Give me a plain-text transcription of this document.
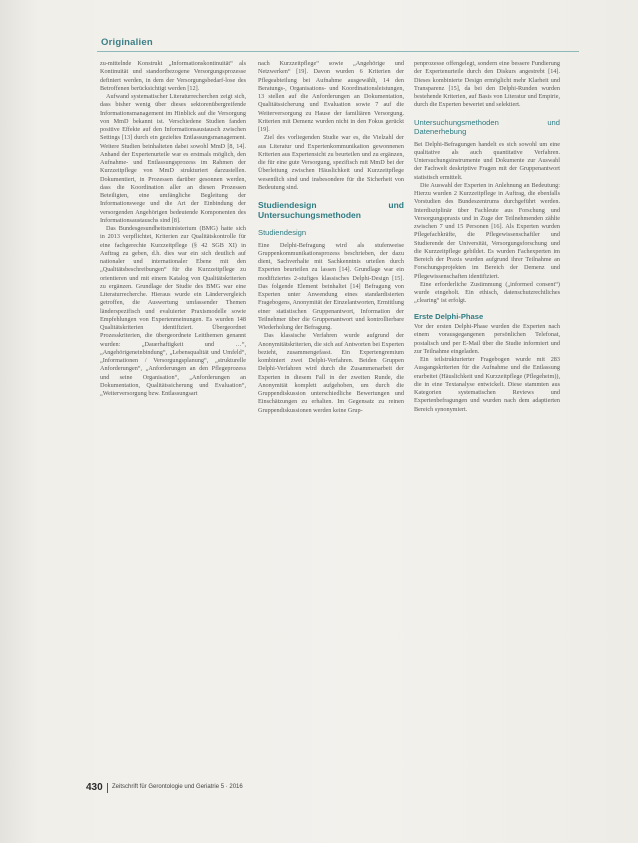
Originalien

zu-mittelnde Konstrukt „Informationskontinuität“ als Kontinuität und standortbezogene Versorgungsprozesse definiert werden, in dem der Versorgungsbedarf-lose des Betroffenen berücksichtigt werden [12].

Aufwand systematischer Literaturrecherchen zeigt sich, dass bisher wenig über dieses sektorenübergreifende Informationsmanagement im Hinblick auf die Versorgung von MmD bekannt ist. Verschiedene Studien fanden positive Effekte auf den Informationsaustausch zwischen Settings [13] durch ein gezieltes Entlassungsmanagement. Weitere Studien beinhalteten dabei sowohl MmD [8, 14]. Anhand der Expertenurteile war es erstmals möglich, den Aufnahme- und Entlassungsprozess im Rahmen der Kurzzeitpflege von MmD strukturiert darzustellen. Dokumentiert, in Prozessen darüber gesonnen werden, dass die Koordination aller an diesen Prozessen Beteiligten, eine umfängliche Begleitung der Informationswege und die Art der Einbindung der versorgenden Angehörigen bedeutende Komponenten des Informationsaustauschs sind [8].

Das Bundesgesundheitsministerium (BMG) hatte sich in 2013 verpflichtet, Kriterien zur Qualitätskontrolle für eine fachgerechte Kurzzeitpflege (§ 42 SGB XI) in Auftrag zu geben, d.h. dies war ein sich deutlich auf nationaler und internationaler Ebene mit den „Qualitätsbeschreibungen“ für die Kurzzeitpflege zu orientieren und mit einem Katalog von Qualitätskriterien zu ergänzen. Grundlage der Studie des BMG war eine Literaturrecherche. Hieraus wurde ein Ländervergleich getroffen, die Auswertung umfassender Themen länderspezifisch und evaluierter Praxismodelle sowie Empfehlungen von Expertenmeinungen. Es wurden 148 Qualitätskriterien identifiziert. Übergeordnet Prozesskriterien, die übergeordnete Leitthemen genannt wurden: „Dauerhaftigkeit und …“, „Angehörigeneinbindung“, „Lebensqualität und Umfeld“, „Informationen / Versorgungsplanung“, „strukturelle Anforderungen“, „Anforderungen an den Pflegeprozess und seine Organisation“, „Anforderungen an Dokumentation, Qualitätssicherung und Evaluation“, „Weiterversorgung bzw. Entlassungsart

nach Kurzzeitpflege“ sowie „Angehörige und Netzwerken“ [19]. Davon wurden 6 Kriterien der Pflegeabteilung bei Aufnahme ausgewählt, 14 den Beratungs-, Organisations- und Koordinationsleistungen, 13 stellen auf die Anforderungen an Dokumentation, Qualitätssicherung und Evaluation sowie 7 auf die Weiterversorgung zu Hause der familiären Versorgung. Kriterien mit Demenz wurden nicht in den Fokus gerückt [19].

Ziel des vorliegenden Studie war es, die Vielzahl der aus Literatur und Expertenkommunikation gewonnenen Kriterien aus Expertensicht zu beurteilen und zu ergänzen, die für eine gute Versorgung, spezifisch mit MmD bei der Überleitung zwischen Häuslichkeit und Kurzzeitpflege wesentlich sind und insbesondere für die Sicherheit von Bedeutung sind.

Studiendesign und Untersuchungsmethoden
Studiendesign

Eine Delphi-Befragung wird als stufenweise Gruppenkommunikationsprozess beschrieben, der dazu dient, Sachverhalte mit Sachkenntnis urteilen durch Experten beurteilen zu lassen [14]. Grundlage war ein modifiziertes 2-stufiges klassisches Delphi-Design [15]. Das folgende Element beinhaltet [14] Befragung von Experten unter Anwendung eines standardisierten Fragebogens, Anonymität der Einzelantworten, Ermittlung einer statistischen Gruppenantwort, Information der Teilnehmer über die Gruppenantwort und kontrollierbare Wiederholung der Befragung.

Das klassische Verfahren wurde aufgrund der Anonymitätskriterien, die sich auf Antworten bei Experten bezieht, zusammengefasst. Ein Expertengremium kombiniert zwei Delphi-Verfahren. Beiden Gruppen Delphi-Verfahren wird durch die Zusammenarbeit der Experten in diesem Fall in der zweiten Runde, die Anonymität komplett aufgehoben, um durch die Gruppendiskussion unterschiedliche Bewertungen und Einschätzungen zu erhalten. Im Gegensatz zu reinen Gruppendiskussionen werden keine Grup-

penprozesse offengelegt, sondern eine bessere Fundierung der Expertenurteile durch den Diskurs angestrebt [14]. Dieses kombinierte Design ermöglicht mehr Klarheit und Transparenz [15], da bei den Delphi-Runden wurden bestehende Kriterien, auf Basis von Literatur und Empirie, durch die Experten bewertet und selektiert.

Untersuchungsmethoden und Datenerhebung

Bei Delphi-Befragungen handelt es sich sowohl um eine qualitative als auch quantitative Verfahren. Untersuchungsinstrumente und Dokumente zur Auswahl der Fachwelt deskriptive Fragen mit der Gruppenantwort statistisch ermittelt.

Die Auswahl der Experten in Anlehnung an Bedeutung: Hierzu wurden 2 Kurzzeitpflege in Auftrag, die ebenfalls Vorstudien des Bundeszentrums durchgeführt werden. Interdisziplinär über Fachleute aus Forschung und Versorgungspraxis und in Zuge der Teilnehmenden zählte zwischen 7 und 15 Personen [16]. Als Experten wurden Pflegefachkräfte, die Pflegewissenschaftler und Studierende der Universität, Versorgungsforschung und die Kurzzeitpflege gebildet. Es wurden Fachexperten im Bereich der Praxis wurden aufgrund ihrer Teilnahme an Forschungsprojekten im Bereich der Demenz und Pflegewissenschaften identifiziert.

Eine erforderliche Zustimmung („informed consent“) wurde eingeholt. Ein ethisch, datenschutzrechtliches „clearing“ ist erfolgt.

Erste Delphi-Phase

Vor der ersten Delphi-Phase wurden die Experten nach einem vorausgegangenen persönlichen Telefonat, postalisch und per E-Mail über die Studie informiert und zur Teilnahme eingeladen.

Ein teilstrukturierter Fragebogen wurde mit 283 Ausgangskriterien für die Aufnahme und die Entlassung erarbeitet (Häuslichkeit und Kurzzeitpflege (Pflegeheim)), die in eine Textanalyse entwickelt. Diese stammten aus Kategorien systematischen Reviews und Expertenbefragungen und wurden nach dem adaptierten Bereich synonymiert.

430 Zeitschrift für Gerontologie und Geriatrie 5 · 2016
